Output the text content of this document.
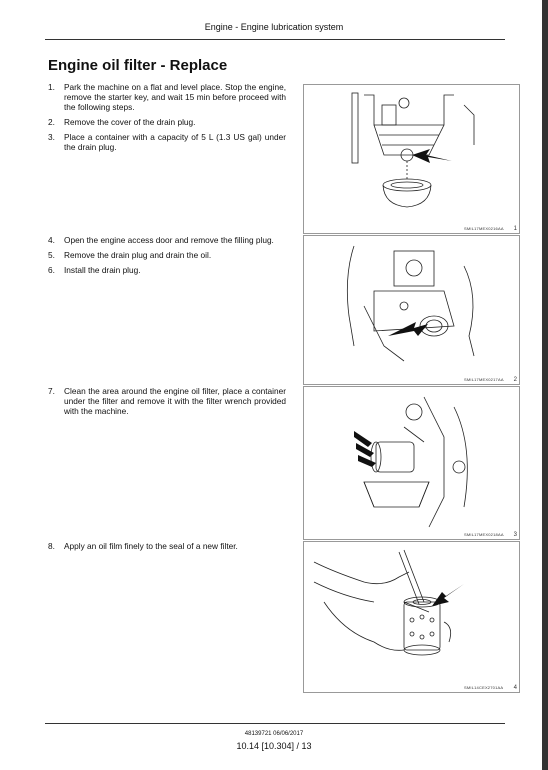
Engine - Engine lubrication system
Engine oil filter - Replace
1. Park the machine on a flat and level place. Stop the engine, remove the starter key, and wait 15 min before proceed with the following steps.
2. Remove the cover of the drain plug.
3. Place a container with a capacity of 5 L (1.3 US gal) under the drain plug.
SMIL17MEX0216AA 1
4. Open the engine access door and remove the filling plug.
5. Remove the drain plug and drain the oil.
6. Install the drain plug.
SMIL17MEX0217AA 2
7. Clean the area around the engine oil filter, place a container under the filter and remove it with the filter wrench provided with the machine.
SMIL17MEX0218AA 3
8. Apply an oil film finely to the seal of a new filter.
SMIL14CEX2701AA 4
48139721 06/06/2017
10.14 [10.304] / 13
